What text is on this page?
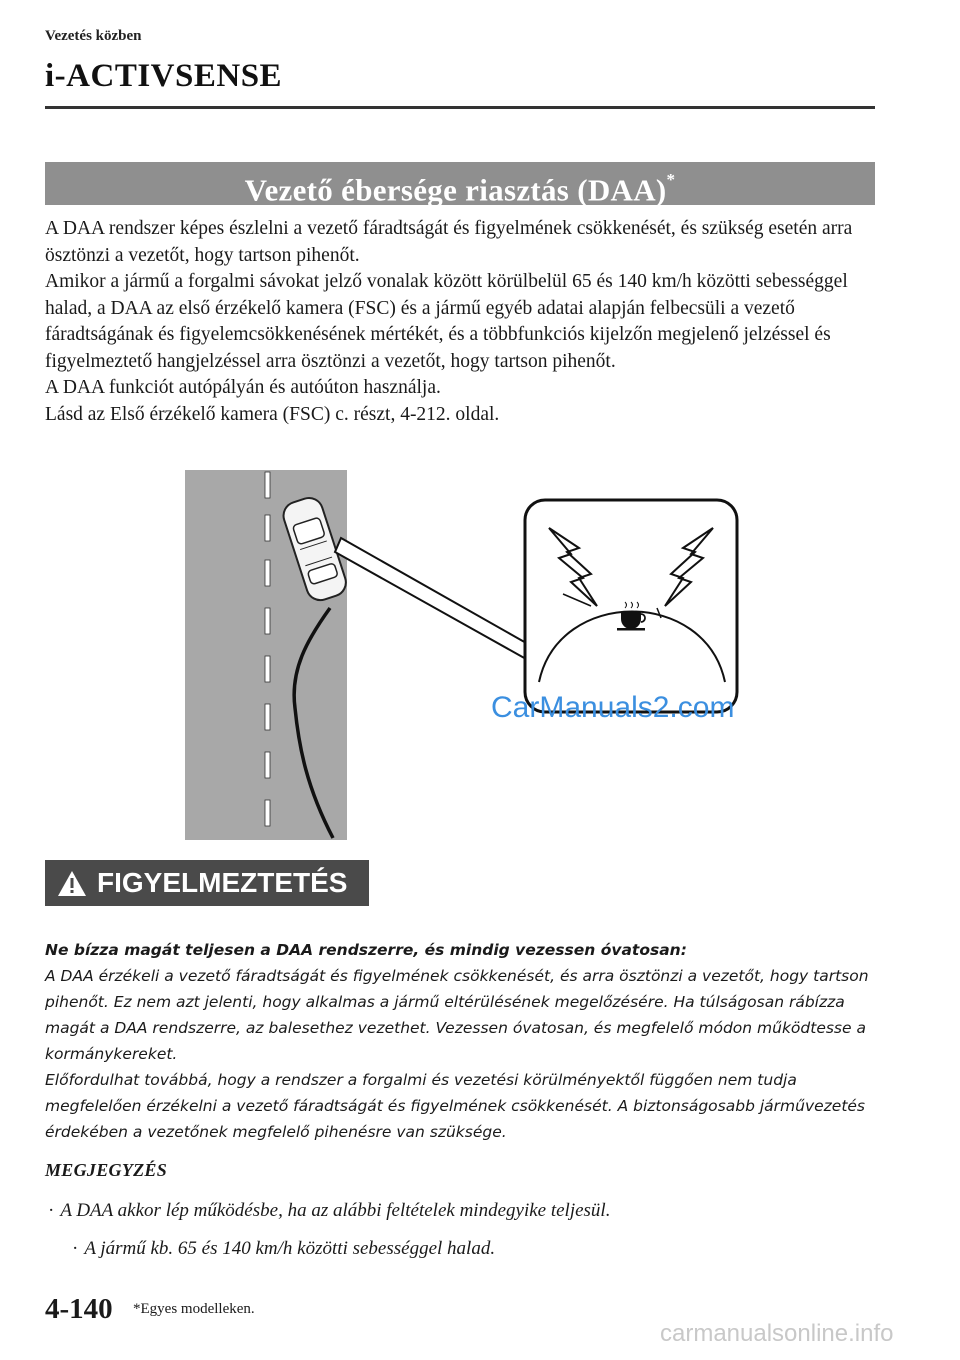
Vezetés közben
i-ACTIVSENSE
Vezető ébersége riasztás (DAA)*

A DAA rendszer képes észlelni a vezető fáradtságát és figyelmének csökkenését, és szükség esetén arra ösztönzi a vezetőt, hogy tartson pihenőt.

Amikor a jármű a forgalmi sávokat jelző vonalak között körülbelül 65 és 140 km/h közötti sebességgel halad, a DAA az első érzékelő kamera (FSC) és a jármű egyéb adatai alapján felbecsüli a vezető fáradtságának és figyelemcsökkenésének mértékét, és a többfunkciós kijelzőn megjelenő jelzéssel és figyelmeztető hangjelzéssel arra ösztönzi a vezetőt, hogy tartson pihenőt.

A DAA funkciót autópályán és autóúton használja.

Lásd az Első érzékelő kamera (FSC) c. részt, 4-212. oldal.

CarManuals2.com
FIGYELMEZTETÉS

Ne bízza magát teljesen a DAA rendszerre, és mindig vezessen óvatosan:

A DAA érzékeli a vezető fáradtságát és figyelmének csökkenését, és arra ösztönzi a vezetőt, hogy tartson pihenőt. Ez nem azt jelenti, hogy alkalmas a jármű eltérülésének megelőzésére. Ha túlságosan rábízza magát a DAA rendszerre, az balesethez vezethet. Vezessen óvatosan, és megfelelő módon működtesse a kormánykereket.

Előfordulhat továbbá, hogy a rendszer a forgalmi és vezetési körülményektől függően nem tudja megfelelően érzékelni a vezető fáradtságát és figyelmének csökkenését. A biztonságosabb járművezetés érdekében a vezetőnek megfelelő pihenésre van szüksége.

MEGJEGYZÉS
· A DAA akkor lép működésbe, ha az alábbi feltételek mindegyike teljesül.
· A jármű kb. 65 és 140 km/h közötti sebességgel halad.
4-140 *Egyes modelleken.
carmanualsonline.info
